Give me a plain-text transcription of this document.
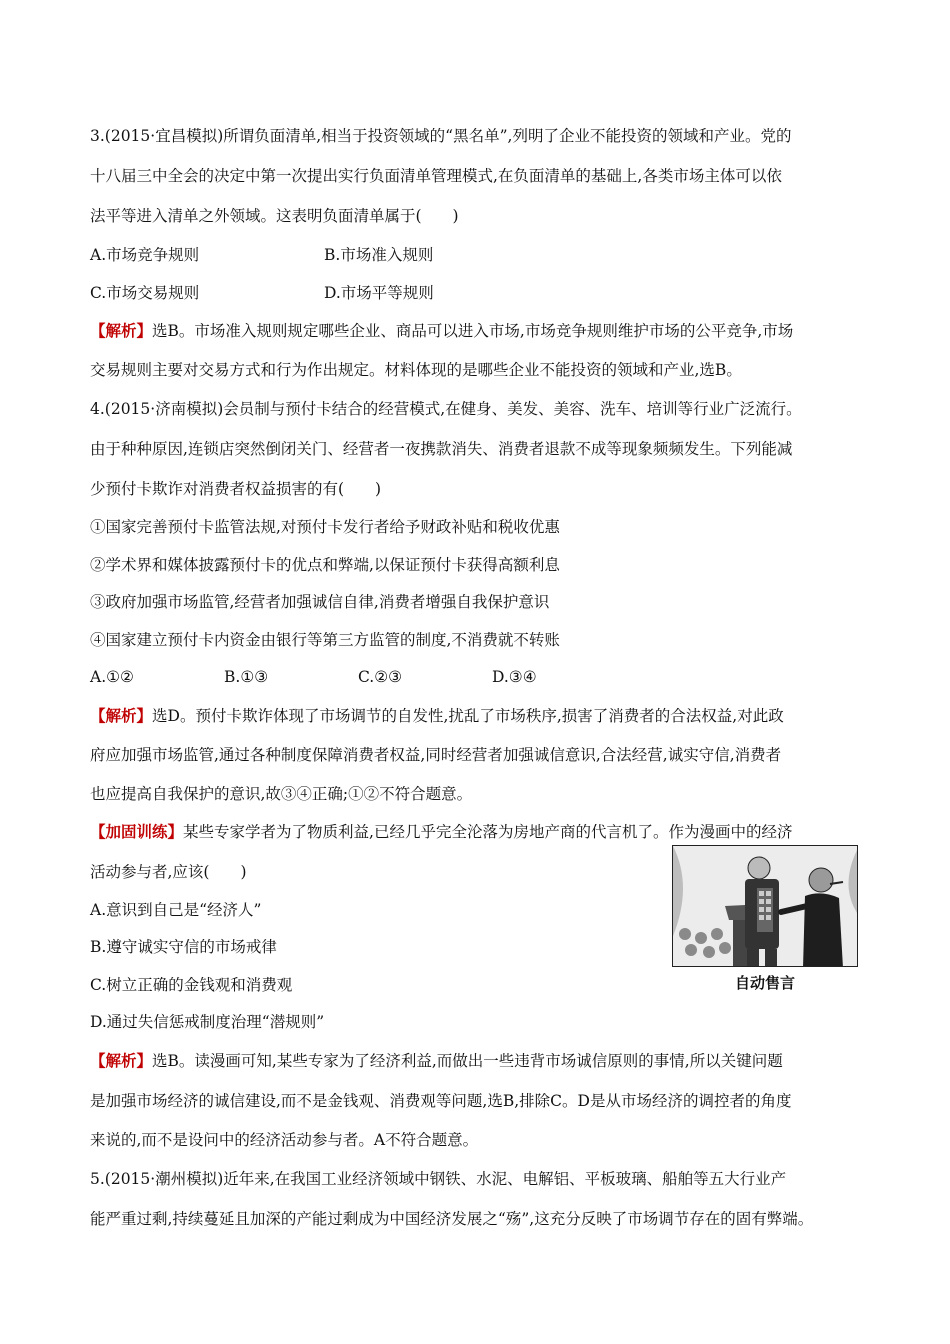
3.(2015·宜昌模拟)所谓负面清单,相当于投资领域的“黑名单”,列明了企业不能投资的领域和产业。党的
十八届三中全会的决定中第一次提出实行负面清单管理模式,在负面清单的基础上,各类市场主体可以依
法平等进入清单之外领域。这表明负面清单属于(　　)
A.市场竞争规则	B.市场准入规则
C.市场交易规则	D.市场平等规则
【解析】选B。市场准入规则规定哪些企业、商品可以进入市场,市场竞争规则维护市场的公平竞争,市场
交易规则主要对交易方式和行为作出规定。材料体现的是哪些企业不能投资的领域和产业,选B。
4.(2015·济南模拟)会员制与预付卡结合的经营模式,在健身、美发、美容、洗车、培训等行业广泛流行。
由于种种原因,连锁店突然倒闭关门、经营者一夜携款消失、消费者退款不成等现象频频发生。下列能减
少预付卡欺诈对消费者权益损害的有(　　)
①国家完善预付卡监管法规,对预付卡发行者给予财政补贴和税收优惠
②学术界和媒体披露预付卡的优点和弊端,以保证预付卡获得高额利息
③政府加强市场监管,经营者加强诚信自律,消费者增强自我保护意识
④国家建立预付卡内资金由银行等第三方监管的制度,不消费就不转账
A.①②	B.①③	C.②③	D.③④
【解析】选D。预付卡欺诈体现了市场调节的自发性,扰乱了市场秩序,损害了消费者的合法权益,对此政
府应加强市场监管,通过各种制度保障消费者权益,同时经营者加强诚信意识,合法经营,诚实守信,消费者
也应提高自我保护的意识,故③④正确;①②不符合题意。
【加固训练】某些专家学者为了物质利益,已经几乎完全沦落为房地产商的代言机了。作为漫画中的经济
活动参与者,应该(　　)
A.意识到自己是“经济人”
B.遵守诚实守信的市场戒律
C.树立正确的金钱观和消费观
D.通过失信惩戒制度治理“潜规则”
自动售言
【解析】选B。读漫画可知,某些专家为了经济利益,而做出一些违背市场诚信原则的事情,所以关键问题
是加强市场经济的诚信建设,而不是金钱观、消费观等问题,选B,排除C。D是从市场经济的调控者的角度
来说的,而不是设问中的经济活动参与者。A不符合题意。
5.(2015·潮州模拟)近年来,在我国工业经济领域中钢铁、水泥、电解铝、平板玻璃、船舶等五大行业产
能严重过剩,持续蔓延且加深的产能过剩成为中国经济发展之“殇”,这充分反映了市场调节存在的固有弊端。
